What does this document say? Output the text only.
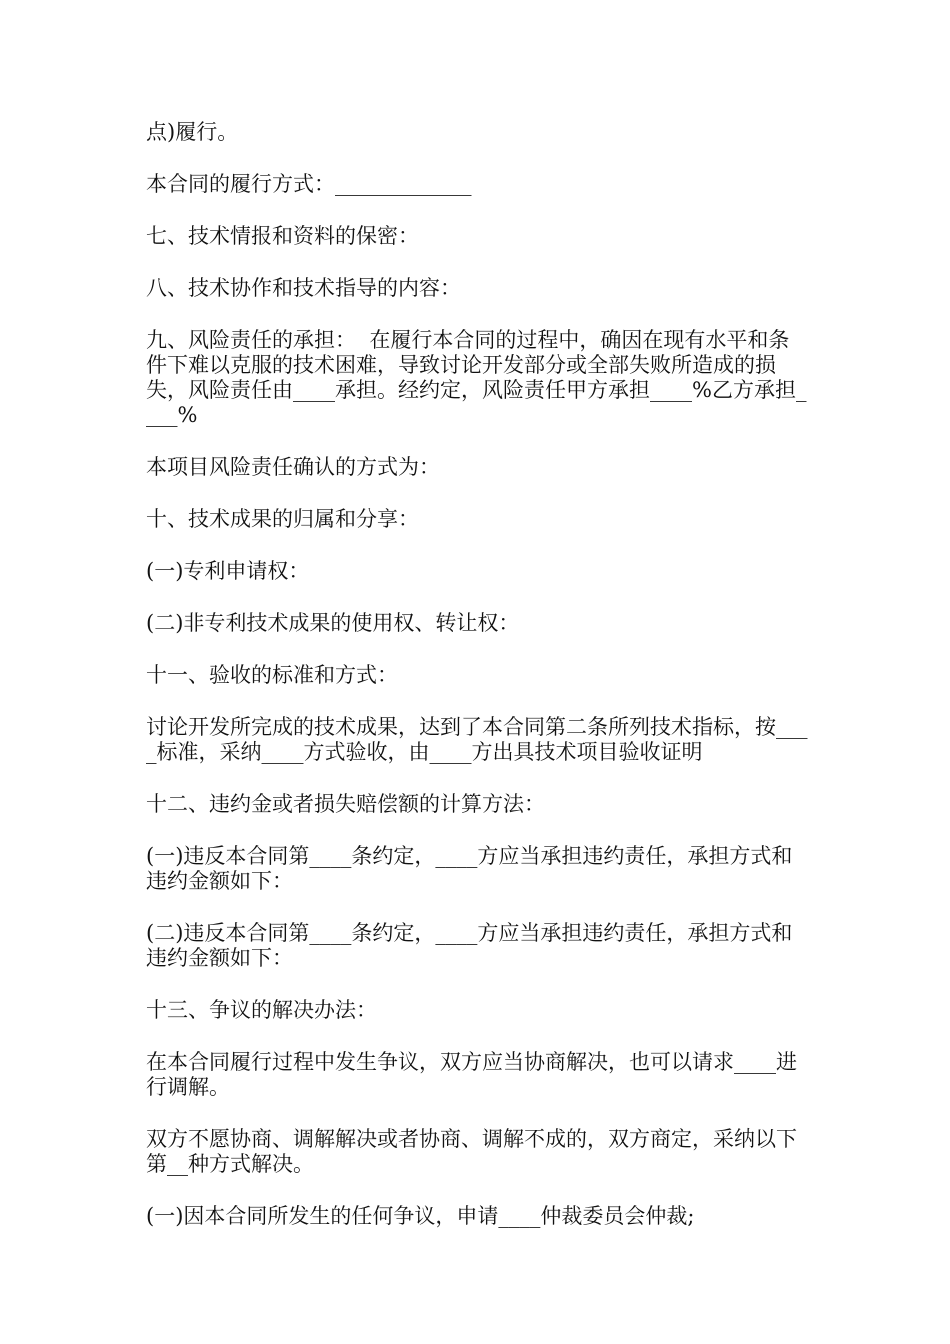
点)履行。

本合同的履行方式：_____________

七、技术情报和资料的保密：

八、技术协作和技术指导的内容：

九、风险责任的承担：  在履行本合同的过程中，确因在现有水平和条件下难以克服的技术困难，导致讨论开发部分或全部失败所造成的损失，风险责任由____承担。经约定，风险责任甲方承担____%乙方承担____%

本项目风险责任确认的方式为：

十、技术成果的归属和分享：

(一)专利申请权：

(二)非专利技术成果的使用权、转让权：

十一、验收的标准和方式：

讨论开发所完成的技术成果，达到了本合同第二条所列技术指标，按____标准，采纳____方式验收，由____方出具技术项目验收证明

十二、违约金或者损失赔偿额的计算方法：

(一)违反本合同第____条约定，____方应当承担违约责任，承担方式和违约金额如下：

(二)违反本合同第____条约定，____方应当承担违约责任，承担方式和违约金额如下：

十三、争议的解决办法：

在本合同履行过程中发生争议，双方应当协商解决，也可以请求____进行调解。

双方不愿协商、调解解决或者协商、调解不成的，双方商定，采纳以下第__种方式解决。

(一)因本合同所发生的任何争议，申请____仲裁委员会仲裁;
